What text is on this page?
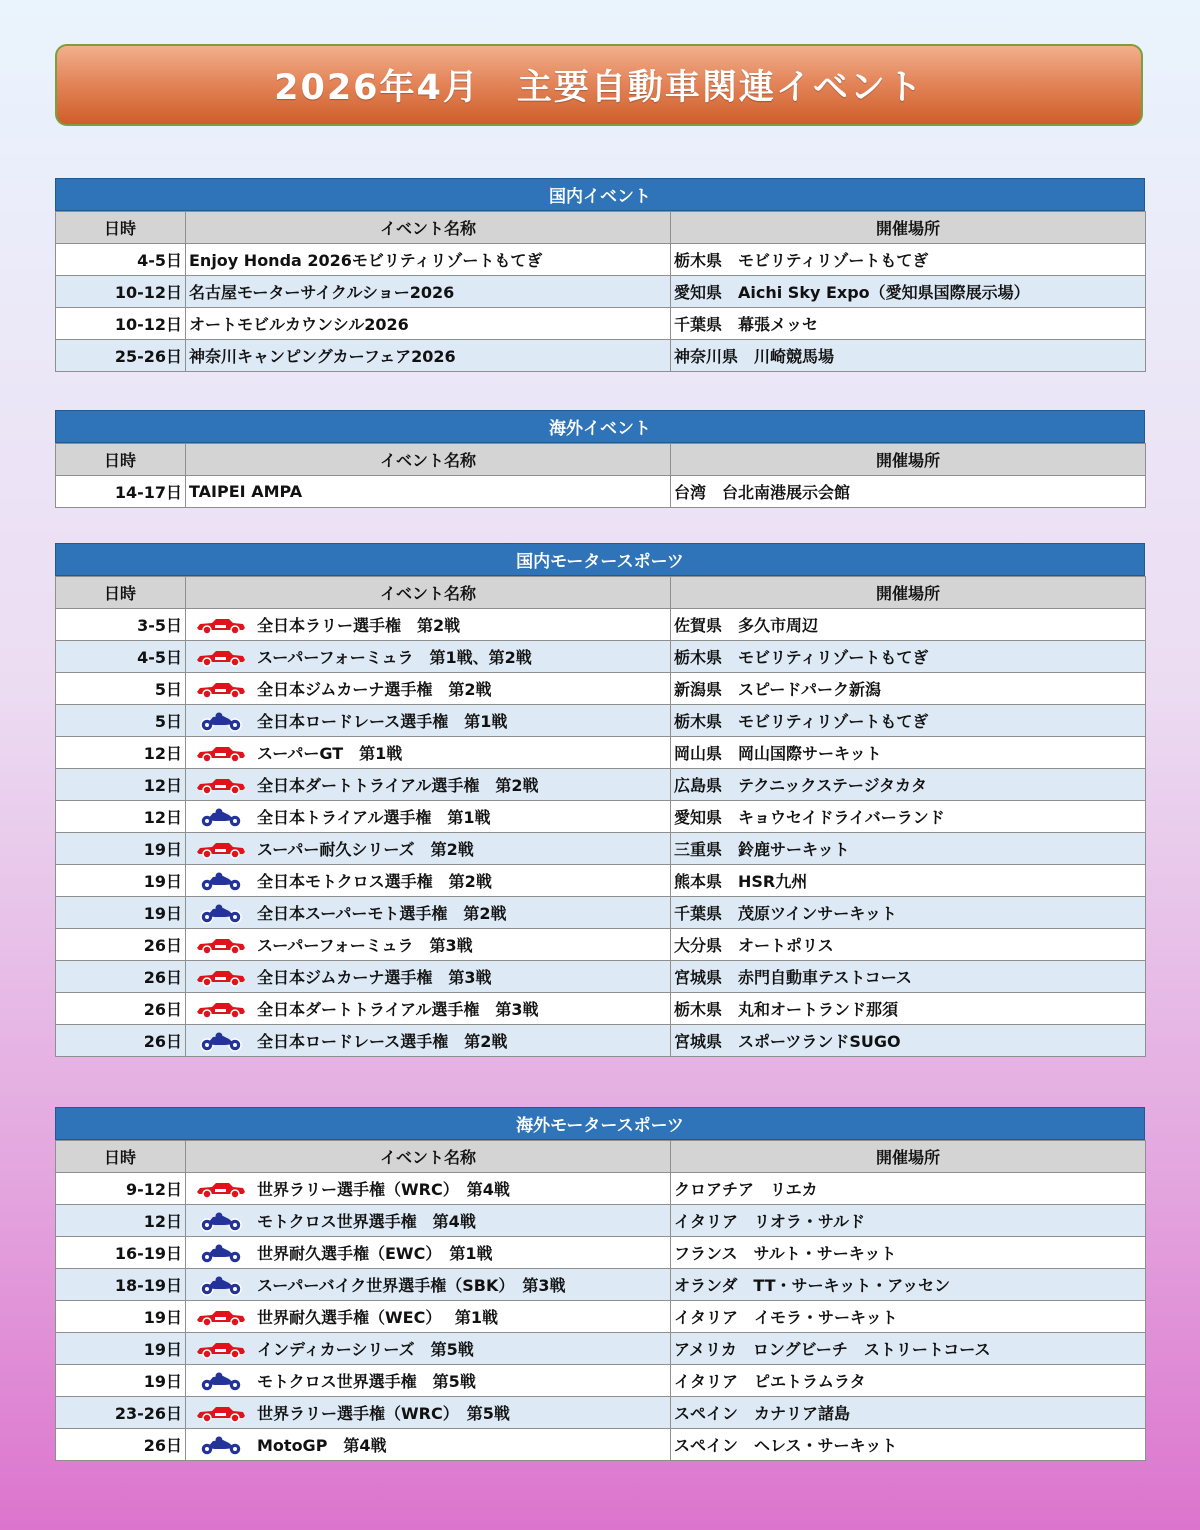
2026年4月　主要自動車関連イベント
国内イベント
日時	イベント名称	開催場所
4-5日	Enjoy Honda 2026モビリティリゾートもてぎ	栃木県　モビリティリゾートもてぎ
10-12日	名古屋モーターサイクルショー2026	愛知県　Aichi Sky Expo（愛知県国際展示場）
10-12日	オートモビルカウンシル2026	千葉県　幕張メッセ
25-26日	神奈川キャンピングカーフェア2026	神奈川県　川崎競馬場
海外イベント
日時	イベント名称	開催場所
14-17日	TAIPEI AMPA	台湾　台北南港展示会館
国内モータースポーツ
日時	イベント名称	開催場所
3-5日	全日本ラリー選手権　第2戦	佐賀県　多久市周辺
4-5日	スーパーフォーミュラ　第1戦、第2戦	栃木県　モビリティリゾートもてぎ
5日	全日本ジムカーナ選手権　第2戦	新潟県　スピードパーク新潟
5日	全日本ロードレース選手権　第1戦	栃木県　モビリティリゾートもてぎ
12日	スーパーGT　第1戦	岡山県　岡山国際サーキット
12日	全日本ダートトライアル選手権　第2戦	広島県　テクニックステージタカタ
12日	全日本トライアル選手権　第1戦	愛知県　キョウセイドライバーランド
19日	スーパー耐久シリーズ　第2戦	三重県　鈴鹿サーキット
19日	全日本モトクロス選手権　第2戦	熊本県　HSR九州
19日	全日本スーパーモト選手権　第2戦	千葉県　茂原ツインサーキット
26日	スーパーフォーミュラ　第3戦	大分県　オートポリス
26日	全日本ジムカーナ選手権　第3戦	宮城県　赤門自動車テストコース
26日	全日本ダートトライアル選手権　第3戦	栃木県　丸和オートランド那須
26日	全日本ロードレース選手権　第2戦	宮城県　スポーツランドSUGO
海外モータースポーツ
日時	イベント名称	開催場所
9-12日	世界ラリー選手権（WRC）　第4戦	クロアチア　リエカ
12日	モトクロス世界選手権　第4戦	イタリア　リオラ・サルド
16-19日	世界耐久選手権（EWC）　第1戦	フランス　サルト・サーキット
18-19日	スーパーバイク世界選手権（SBK）　第3戦	オランダ　TT・サーキット・アッセン
19日	世界耐久選手権（WEC）　 第1戦	イタリア　イモラ・サーキット
19日	インディカーシリーズ　第5戦	アメリカ　ロングビーチ　ストリートコース
19日	モトクロス世界選手権　第5戦	イタリア　ピエトラムラタ
23-26日	世界ラリー選手権（WRC）　第5戦	スペイン　カナリア諸島
26日	MotoGP　第4戦	スペイン　ヘレス・サーキット
